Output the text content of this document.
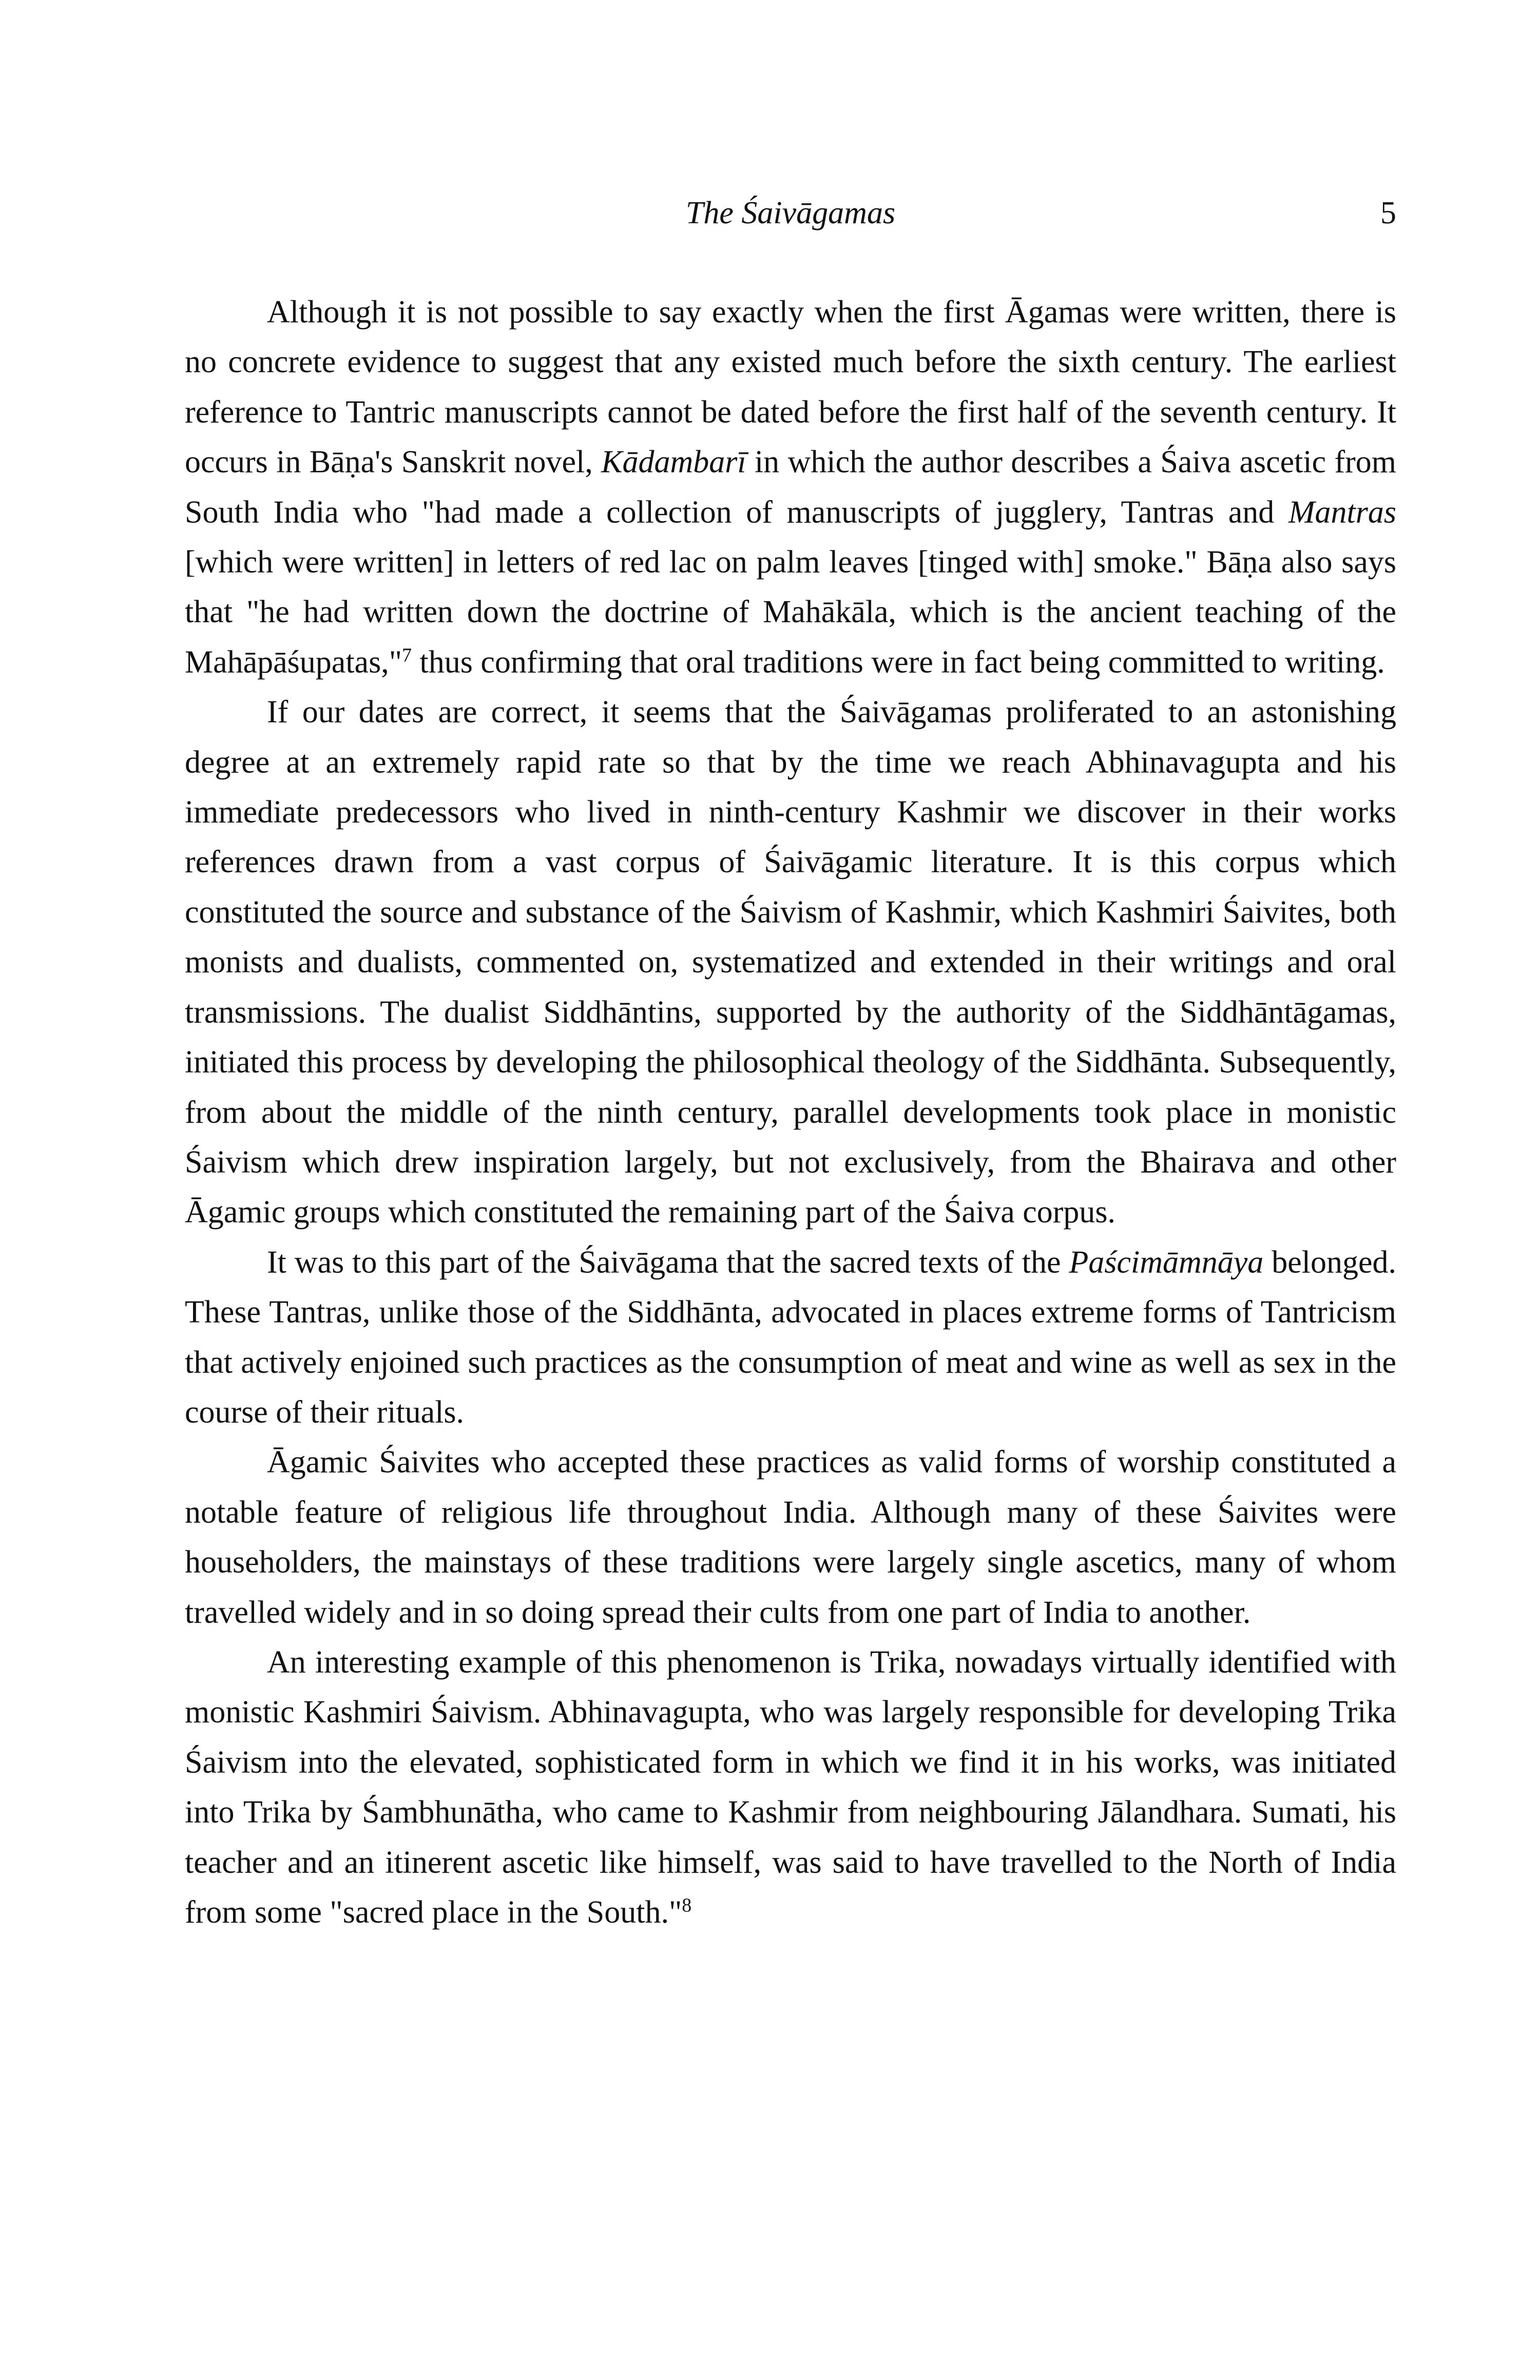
The Śaivāgamas	5

Although it is not possible to say exactly when the first Āgamas were written, there is no concrete evidence to suggest that any existed much before the sixth century. The earliest reference to Tantric manuscripts cannot be dated before the first half of the seventh century. It occurs in Bāṇa's Sanskrit novel, Kādambarī in which the author describes a Śaiva ascetic from South India who "had made a collection of manuscripts of jugglery, Tantras and Mantras [which were written] in letters of red lac on palm leaves [tinged with] smoke." Bāṇa also says that "he had written down the doctrine of Mahākāla, which is the ancient teaching of the Mahāpāśupatas,"$^7$ thus confirming that oral traditions were in fact being committed to writing.

If our dates are correct, it seems that the Śaivāgamas proliferated to an astonishing degree at an extremely rapid rate so that by the time we reach Abhinavagupta and his immediate predecessors who lived in ninth-century Kashmir we discover in their works references drawn from a vast corpus of Śaivāgamic literature. It is this corpus which constituted the source and substance of the Śaivism of Kashmir, which Kashmiri Śaivites, both monists and dualists, commented on, systematized and extended in their writings and oral transmissions. The dualist Siddhāntins, supported by the authority of the Siddhāntāgamas, initiated this process by developing the philosophical theology of the Siddhānta. Subsequently, from about the middle of the ninth century, parallel developments took place in monistic Śaivism which drew inspiration largely, but not exclusively, from the Bhairava and other Āgamic groups which constituted the remaining part of the Śaiva corpus.

It was to this part of the Śaivāgama that the sacred texts of the Paścimāmnāya belonged. These Tantras, unlike those of the Siddhānta, advocated in places extreme forms of Tantricism that actively enjoined such practices as the consumption of meat and wine as well as sex in the course of their rituals.

Āgamic Śaivites who accepted these practices as valid forms of worship constituted a notable feature of religious life throughout India. Although many of these Śaivites were householders, the mainstays of these traditions were largely single ascetics, many of whom travelled widely and in so doing spread their cults from one part of India to another.

An interesting example of this phenomenon is Trika, nowadays virtually identified with monistic Kashmiri Śaivism. Abhinavagupta, who was largely responsible for developing Trika Śaivism into the elevated, sophisticated form in which we find it in his works, was initiated into Trika by Śambhunātha, who came to Kashmir from neighbouring Jālandhara. Sumati, his teacher and an itinerent ascetic like himself, was said to have travelled to the North of India from some "sacred place in the South."$^8$
